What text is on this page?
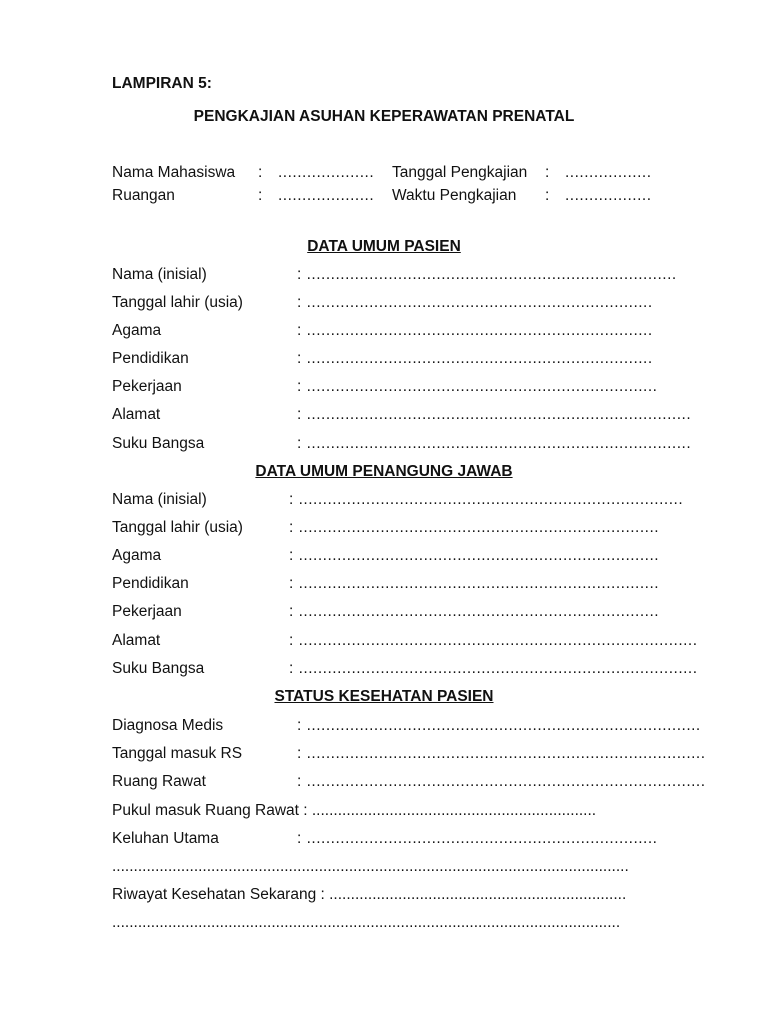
LAMPIRAN 5:
PENGKAJIAN ASUHAN KEPERAWATAN PRENATAL
Nama Mahasiswa : .................... Tanggal Pengkajian : ..................
Ruangan	: .................... Waktu Pengkajian : ..................
DATA UMUM PASIEN
Nama (inisial)	: .............................................................................
Tanggal lahir (usia)	: ........................................................................
Agama	: ........................................................................
Pendidikan	: ........................................................................
Pekerjaan	: .........................................................................
Alamat	: ................................................................................
Suku Bangsa	: ................................................................................
DATA UMUM PENANGUNG JAWAB
Nama (inisial)	: ................................................................................
Tanggal lahir (usia)	: ...........................................................................
Agama	: ...........................................................................
Pendidikan	: ...........................................................................
Pekerjaan	: ...........................................................................
Alamat	: ...................................................................................
Suku Bangsa	: ...................................................................................
STATUS KESEHATAN PASIEN
Diagnosa Medis	: ..................................................................................
Tanggal masuk RS	: ...................................................................................
Ruang Rawat	: ...................................................................................
Pukul masuk Ruang Rawat : ..................................................................
Keluhan Utama	: .........................................................................
........................................................................................................................
Riwayat Kesehatan Sekarang : .....................................................................
......................................................................................................................
